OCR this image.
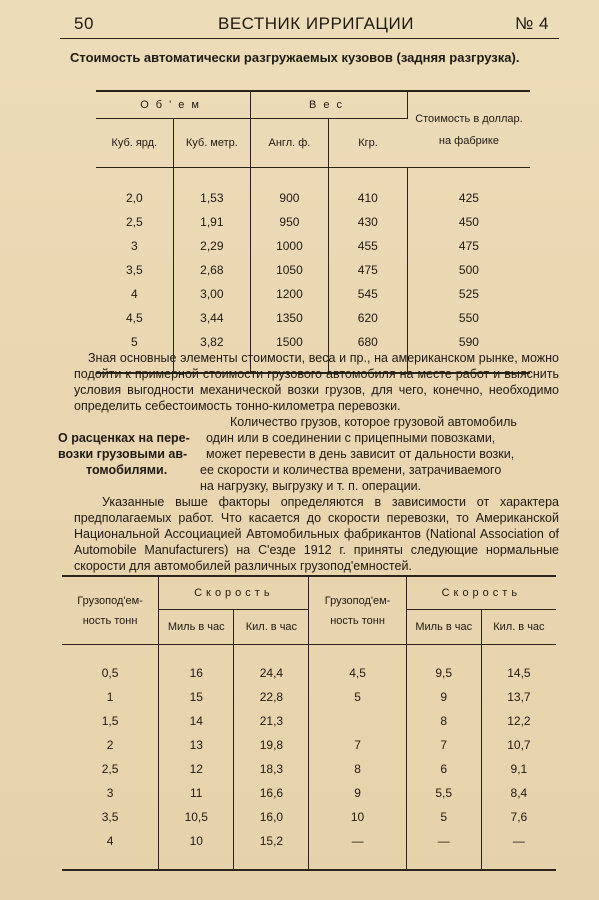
50	ВЕСТНИК ИРРИГАЦИИ	№ 4
Стоимость автоматически разгружаемых кузовов (задняя разгрузка).
Об'ем		Вес		Стоимость в доллар. на фабрике
Куб. ярд.	Куб. метр.	Англ. ф.	Кгр.	

2,0	1,53	900	410	425
2,5	1,91	950	430	450
3	2,29	1000	455	475
3,5	2,68	1050	475	500
4	3,00	1200	545	525
4,5	3,44	1350	620	550
5	3,82	1500	680	590

Зная основные элементы стоимости, веса и пр., на американском рынке, можно подойти к примерной стоимости грузового автомобиля на месте работ и выяснить условия выгодности механической возки грузов, для чего, конечно, необходимо определить себестоимость тонно-километра перевозки.
Количество грузов, которое грузовой автомобиль
О расценках на пере-	один или в соединении с прицепными повозками,
возки грузовыми ав-	может перевести в день зависит от дальности возки,
томобилями.	ее скорости и количества времени, затрачиваемого
на нагрузку, выгрузку и т. п. операции.
Указанные выше факторы определяются в зависимости от характера предполагаемых работ. Что касается до скорости перевозки, то Американской Национальной Ассоциацией Автомобильных фабрикантов (National Association of Automobile Manufacturers) на С'езде 1912 г. приняты следующие нормальные скорости для автомобилей различных грузопод'емностей.
Грузопод'ем-
ность тонн	Скорость		Грузопод'ем-
ность тонн	Скорость	
	Миль в час	Кил. в час		Миль в час	Кил. в час

0,5	16	24,4	4,5	9,5	14,5
1	15	22,8	5	9	13,7
1,5	14	21,3		8	12,2
2	13	19,8	7	7	10,7
2,5	12	18,3	8	6	9,1
3	11	16,6	9	5,5	8,4
3,5	10,5	16,0	10	5	7,6
4	10	15,2	—	—	—
